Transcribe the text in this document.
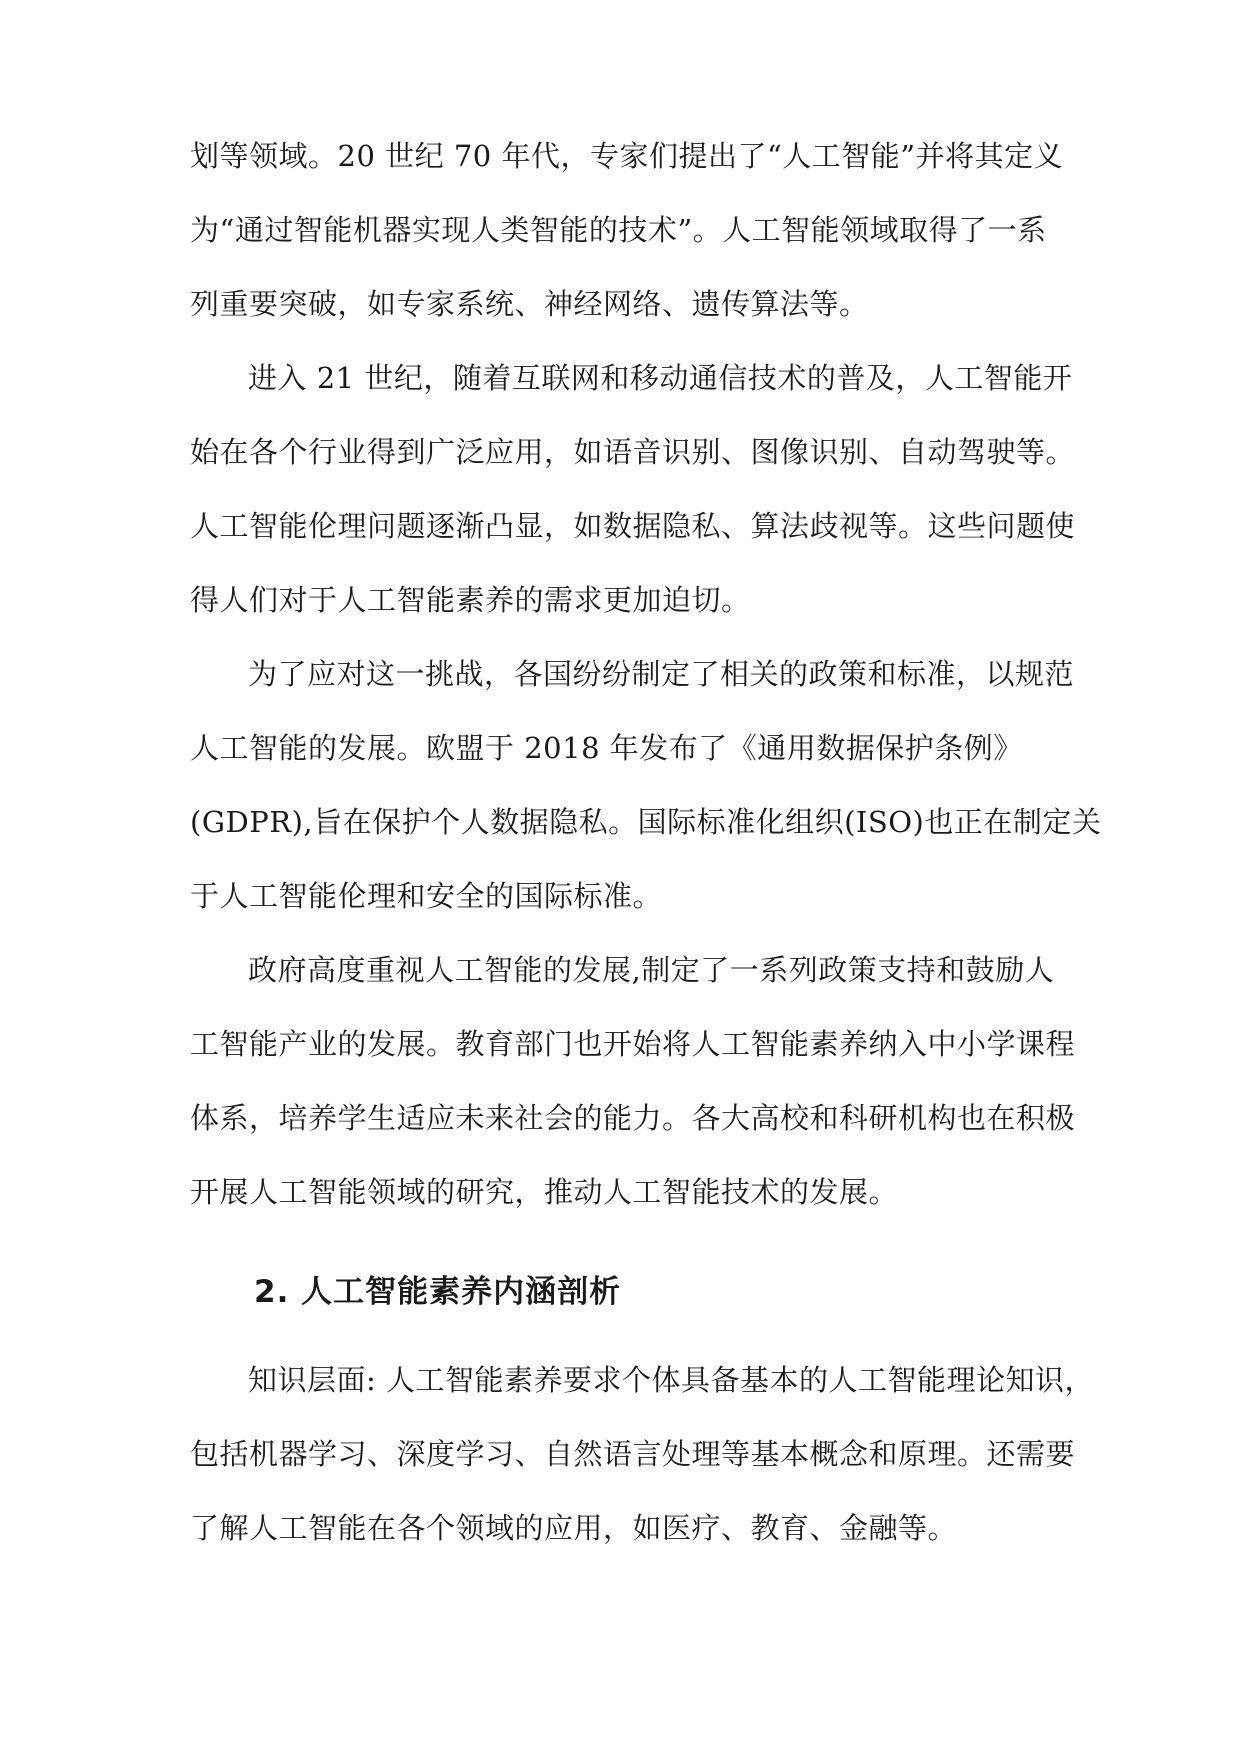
划等领域。20 世纪 70 年代，专家们提出了“人工智能”并将其定义
为“通过智能机器实现人类智能的技术”。人工智能领域取得了一系
列重要突破，如专家系统、神经网络、遗传算法等。
进入 21 世纪，随着互联网和移动通信技术的普及，人工智能开
始在各个行业得到广泛应用，如语音识别、图像识别、自动驾驶等。
人工智能伦理问题逐渐凸显，如数据隐私、算法歧视等。这些问题使
得人们对于人工智能素养的需求更加迫切。
为了应对这一挑战，各国纷纷制定了相关的政策和标准，以规范
人工智能的发展。欧盟于 2018 年发布了《通用数据保护条例》
(GDPR),旨在保护个人数据隐私。国际标准化组织(ISO)也正在制定关
于人工智能伦理和安全的国际标准。
政府高度重视人工智能的发展,制定了一系列政策支持和鼓励人
工智能产业的发展。教育部门也开始将人工智能素养纳入中小学课程
体系，培养学生适应未来社会的能力。各大高校和科研机构也在积极
开展人工智能领域的研究，推动人工智能技术的发展。
2. 人工智能素养内涵剖析
知识层面: 人工智能素养要求个体具备基本的人工智能理论知识，
包括机器学习、深度学习、自然语言处理等基本概念和原理。还需要
了解人工智能在各个领域的应用，如医疗、教育、金融等。
